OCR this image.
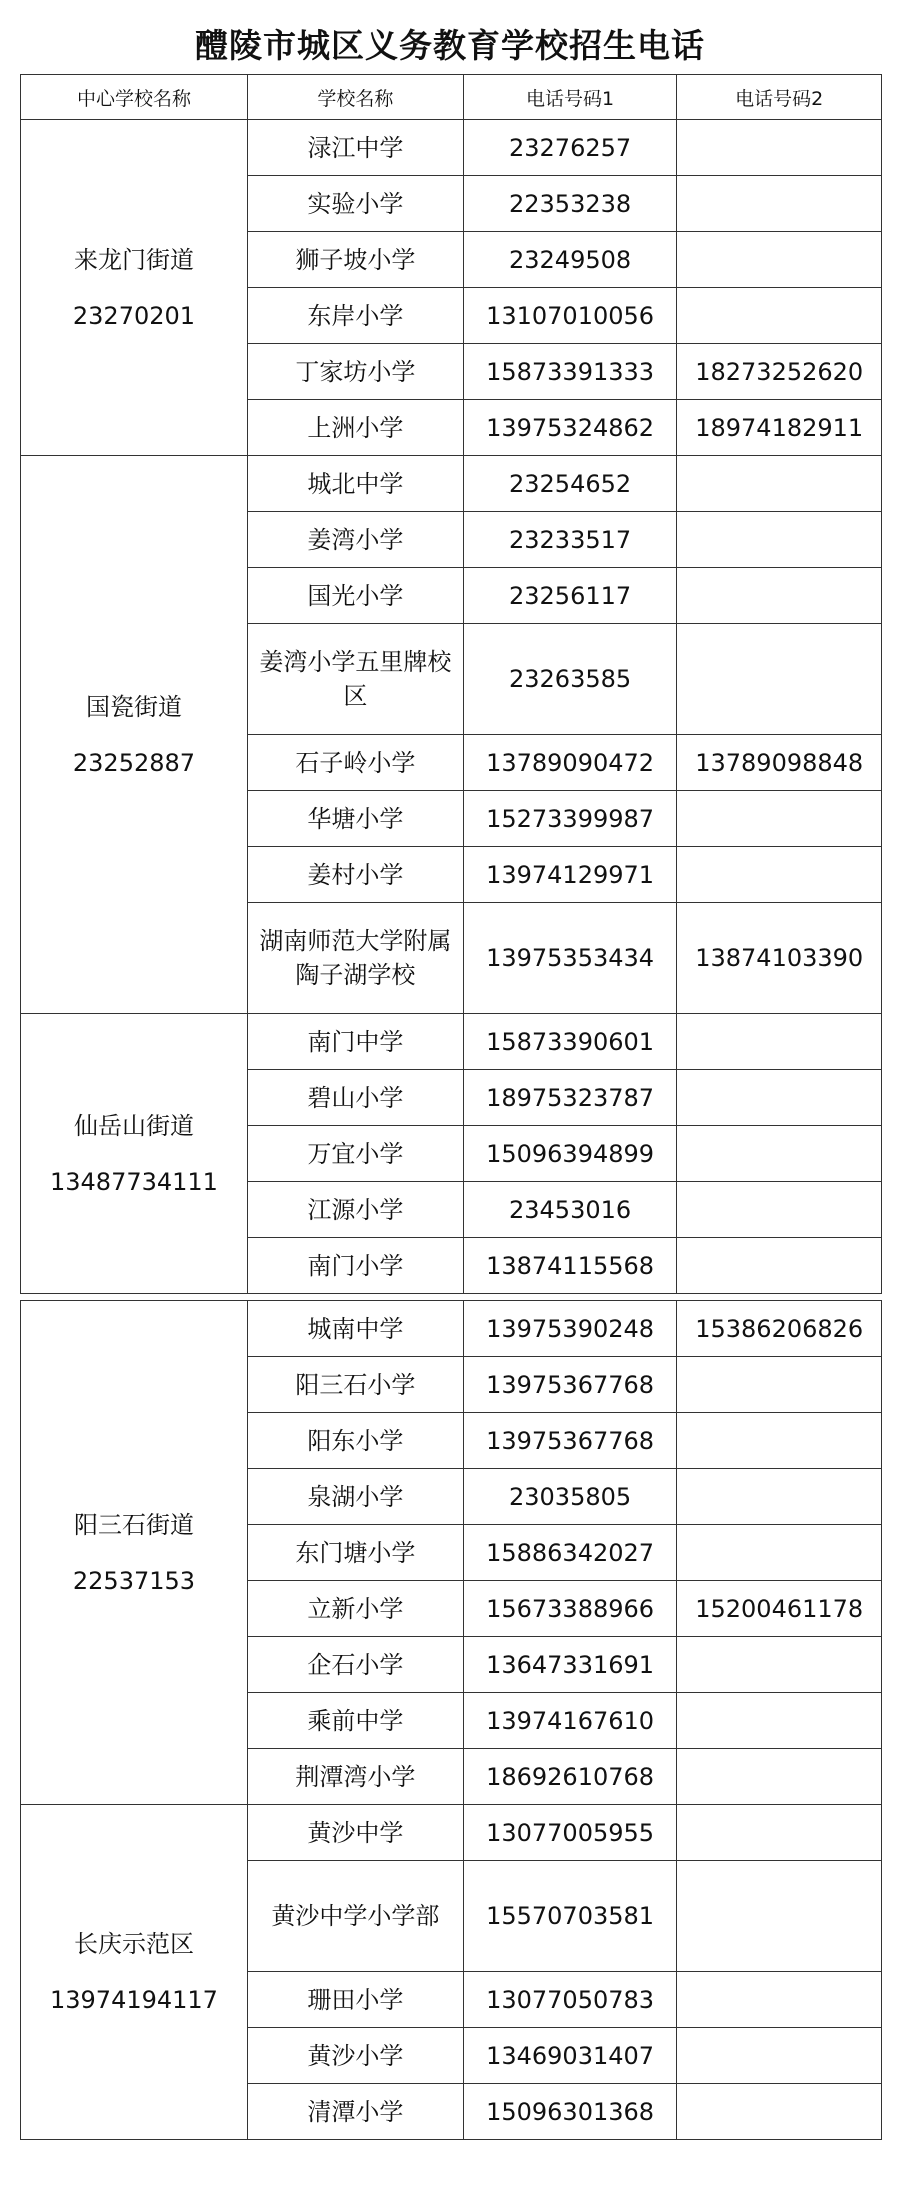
醴陵市城区义务教育学校招生电话
中心学校名称	学校名称	电话号码1	电话号码2

来龙门街道
23270201	渌江中学	23276257	
	实验小学	22353238	
	狮子坡小学	23249508	
	东岸小学	13107010056	
	丁家坊小学	15873391333	18273252620
	上洲小学	13975324862	18974182911

国瓷街道
23252887	城北中学	23254652	
	姜湾小学	23233517	
	国光小学	23256117	
	姜湾小学五里牌校区	23263585	
	石子岭小学	13789090472	13789098848
	华塘小学	15273399987	
	姜村小学	13974129971	
	湖南师范大学附属陶子湖学校	13975353434	13874103390

仙岳山街道
13487734111	南门中学	15873390601	
	碧山小学	18975323787	
	万宜小学	15096394899	
	江源小学	23453016	
	南门小学	13874115568	

阳三石街道
22537153	城南中学	13975390248	15386206826
	阳三石小学	13975367768	
	阳东小学	13975367768	
	泉湖小学	23035805	
	东门塘小学	15886342027	
	立新小学	15673388966	15200461178
	企石小学	13647331691	
	乘前中学	13974167610	
	荆潭湾小学	18692610768	

长庆示范区
13974194117	黄沙中学	13077005955	
	黄沙中学小学部	15570703581	
	珊田小学	13077050783	
	黄沙小学	13469031407	
	清潭小学	15096301368	
